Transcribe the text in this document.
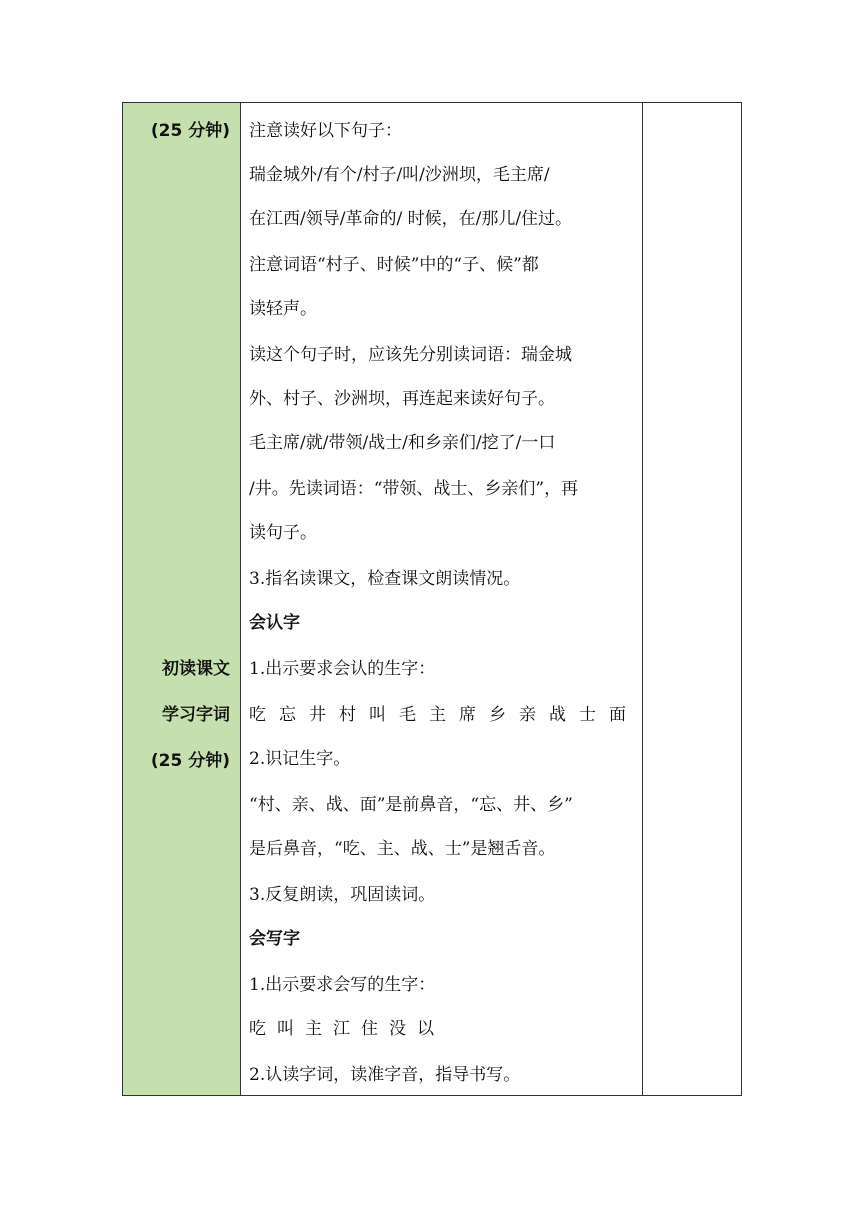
(25 分钟)
初读课文
学习字词
(25 分钟)
注意读好以下句子：
瑞金城外/有个/村子/叫/沙洲坝，毛主席/
在江西/领导/革命的/ 时候，在/那儿/住过。
注意词语“村子、时候”中的“子、候”都
读轻声。
读这个句子时，应该先分别读词语：瑞金城
外、村子、沙洲坝，再连起来读好句子。
毛主席/就/带领/战士/和乡亲们/挖了/一口
/井。先读词语：“带领、战士、乡亲们”，再
读句子。
3.指名读课文，检查课文朗读情况。
会认字
1.出示要求会认的生字：
吃忘井村叫毛主席乡亲战士面
2.识记生字。
“村、亲、战、面”是前鼻音，“忘、井、乡”
是后鼻音，“吃、主、战、士”是翘舌音。
3.反复朗读，巩固读词。
会写字
1.出示要求会写的生字：
吃叫主江住没以
2.认读字词，读准字音，指导书写。
